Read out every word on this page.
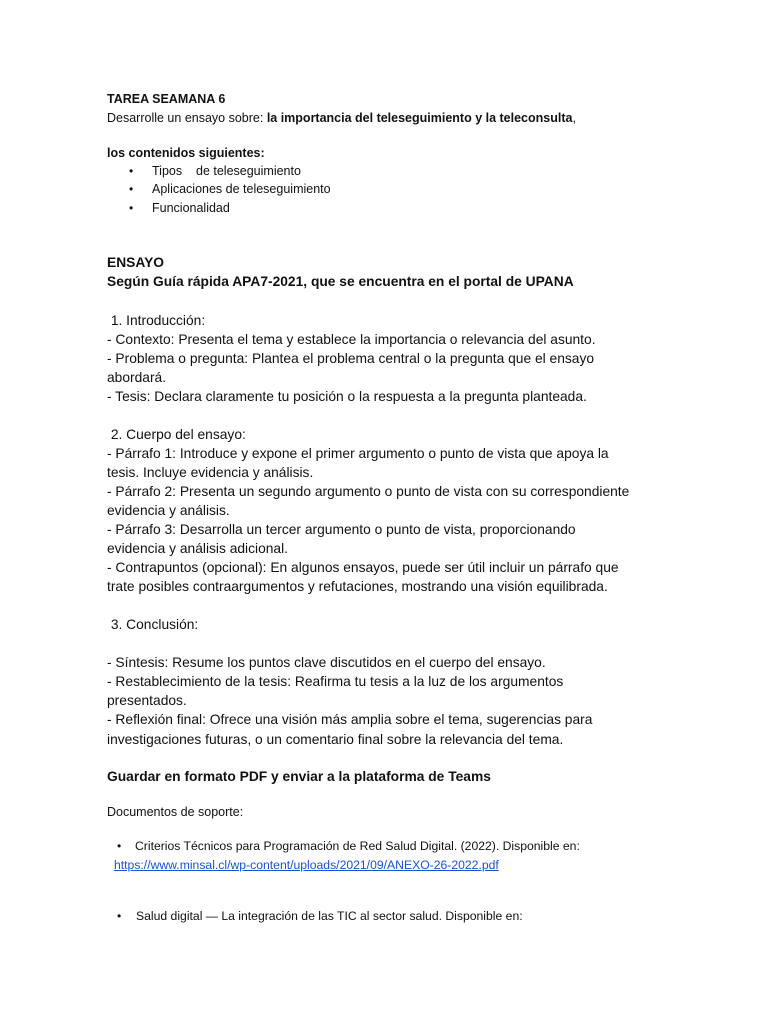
TAREA SEAMANA 6
Desarrolle un ensayo sobre: la importancia del teleseguimiento y la teleconsulta,
los contenidos siguientes:
• Tipos    de teleseguimiento
• Aplicaciones de teleseguimiento
• Funcionalidad
ENSAYO
Según Guía rápida APA7-2021, que se encuentra en el portal de UPANA
1. Introducción:
- Contexto: Presenta el tema y establece la importancia o relevancia del asunto.
- Problema o pregunta: Plantea el problema central o la pregunta que el ensayo
abordará.
- Tesis: Declara claramente tu posición o la respuesta a la pregunta planteada.
2. Cuerpo del ensayo:
- Párrafo 1: Introduce y expone el primer argumento o punto de vista que apoya la
tesis. Incluye evidencia y análisis.
- Párrafo 2: Presenta un segundo argumento o punto de vista con su correspondiente
evidencia y análisis.
- Párrafo 3: Desarrolla un tercer argumento o punto de vista, proporcionando
evidencia y análisis adicional.
- Contrapuntos (opcional): En algunos ensayos, puede ser útil incluir un párrafo que
trate posibles contraargumentos y refutaciones, mostrando una visión equilibrada.
3. Conclusión:
- Síntesis: Resume los puntos clave discutidos en el cuerpo del ensayo.
- Restablecimiento de la tesis: Reafirma tu tesis a la luz de los argumentos
presentados.
- Reflexión final: Ofrece una visión más amplia sobre el tema, sugerencias para
investigaciones futuras, o un comentario final sobre la relevancia del tema.
Guardar en formato PDF y enviar a la plataforma de Teams
Documentos de soporte:
• Criterios Técnicos para Programación de Red Salud Digital. (2022). Disponible en:
https://www.minsal.cl/wp-content/uploads/2021/09/ANEXO-26-2022.pdf
• Salud digital — La integración de las TIC al sector salud. Disponible en:
